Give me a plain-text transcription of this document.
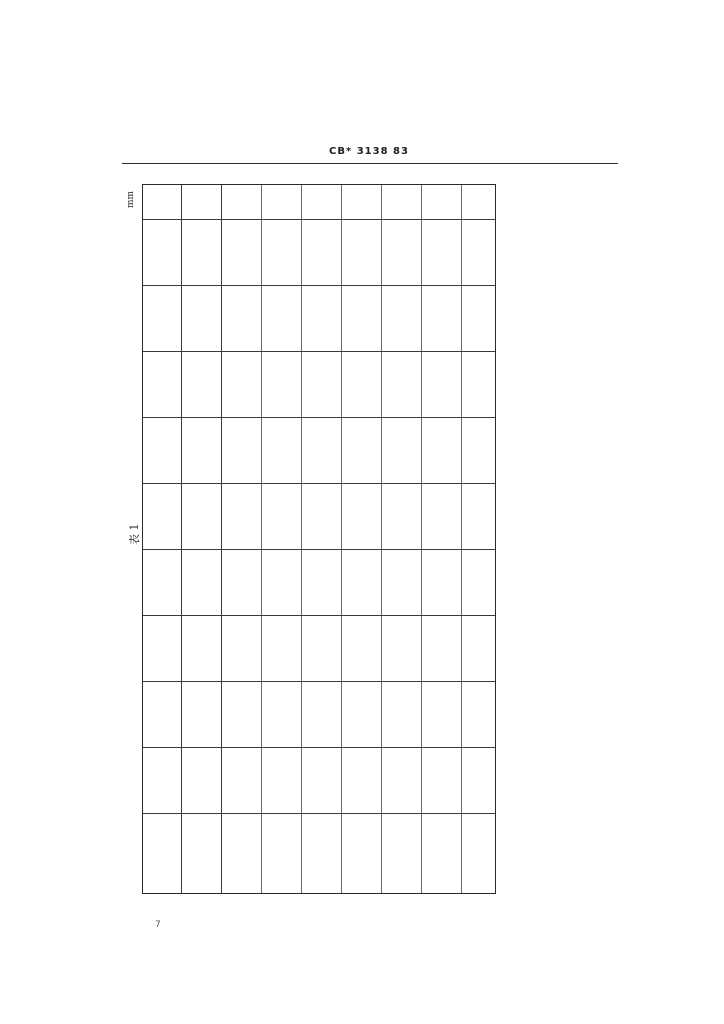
CB* 3138 83
mm
表 1
7
